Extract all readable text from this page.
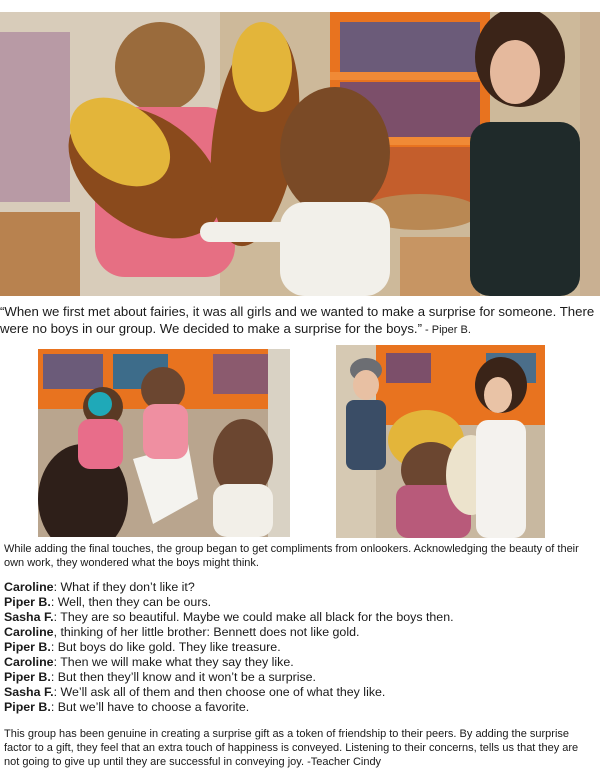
“When we first met about fairies, it was all girls and we wanted to make a surprise for someone. There were no boys in our group. We decided to make a surprise for the boys.” - Piper B.

While adding the final touches, the group began to get compliments from onlookers. Acknowledging the beauty of their own work, they wondered what the boys might think.

Caroline: What if they don’t like it?
Piper B.: Well, then they can be ours.
Sasha F.: They are so beautiful. Maybe we could make all black for the boys then.
Caroline, thinking of her little brother: Bennett does not like gold.
Piper B.: But boys do like gold. They like treasure.
Caroline: Then we will make what they say they like.
Piper B.: But then they’ll know and it won’t be a surprise.
Sasha F.: We’ll ask all of them and then choose one of what they like.
Piper B.: But we’ll have to choose a favorite.

This group has been genuine in creating a surprise gift as a token of friendship to their peers. By adding the surprise factor to a gift, they feel that an extra touch of happiness is conveyed. Listening to their concerns, tells us that they are not going to give up until they are successful in conveying joy. -Teacher Cindy
